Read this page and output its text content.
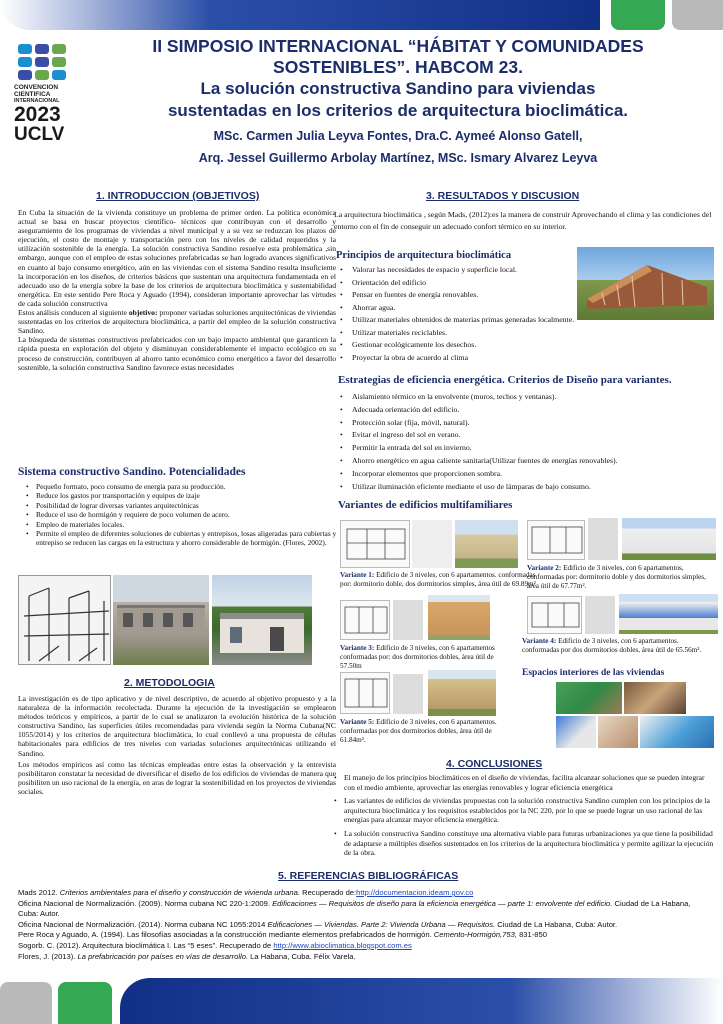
CONVENCION
CIENTIFICA
INTERNACIONAL
2023
UCLV
II SIMPOSIO INTERNACIONAL “HÁBITAT Y COMUNIDADES
SOSTENIBLES”. HABCOM 23.
La solución constructiva Sandino para viviendas
sustentadas en los criterios de arquitectura bioclimática.
MSc. Carmen Julia Leyva Fontes, Dra.C. Aymeé Alonso Gatell,
Arq. Jessel Guillermo Arbolay Martínez, MSc. Ismary Alvarez Leyva
1. INTRODUCCION (OBJETIVOS)

En Cuba la situación de la vivienda constituye un problema de primer orden. La política económica actual se basa en buscar proyectos científico- técnicos que contribuyan con el desarrollo y aseguramiento de los programas de viviendas a nivel municipal y a su vez se reduzcan los plazos de ejecución, el costo de montaje y transportación pero con los niveles de calidad requeridos y la utilización sostenible de la energía. La solución constructiva Sandino resuelve esta problemática ,sin embargo, aunque con el empleo de estas soluciones prefabricadas se han logrado avances significativos en cuanto al bajo consumo energético, aún en las viviendas con el sistema Sandino resulta insuficiente la incorporación en los diseños, de criterios básicos que sustentan una arquitectura fundamentada en el adecuado uso de la energía sobre la base de los criterios de arquitectura bioclimática y sustentabilidad energética. En este sentido Pere Roca y Aguado (1994), consideran importante aprovechar las virtudes de cada solución constructiva

Estos análisis conducen al siguiente objetivo: proponer variadas soluciones arquitectónicas de viviendas sustentadas en los criterios de arquitectura bioclimática, a partir del empleo de la solución constructiva Sandino.

La búsqueda de sistemas constructivos prefabricados con un bajo impacto ambiental que garanticen la rápida puesta en explotación del objeto y disminuyan considerablemente el impacto ecológico en su proceso de construcción, contribuyen al ahorro tanto económico como energético a favor del desarrollo sostenible, la solución constructiva Sandino favorece estas necesidades

Sistema constructivo Sandino. Potencialidades
• Pequeño formato, poco consumo de energía para su producción.
• Reduce los gastos por transportación y equipos de izaje
• Posibilidad de lograr diversas variantes arquitectónicas
• Reduce el uso de hormigón y requiere de poco volumen de acero.
• Empleo de materiales locales.
• Permite el empleo de diferentes soluciones de cubiertas y entrepisos, losas aligeradas para cubiertas y entrepiso se reducen las cargas en la estructura y ahorro considerable de hormigón. (Flores, 2002).
2. METODOLOGIA

La investigación es de tipo aplicativo y de nivel descriptivo, de acuerdo al objetivo propuesto y a la naturaleza de la información recolectada. Durante la ejecución de la investigación se emplearon métodos teóricos y empíricos, a partir de lo cual se analizaron la evolución histórica de la solución constructiva Sandino, las superficies útiles recomendadas para vivienda según la Norma Cubana(NC 1055/2014) y los criterios de arquitectura bioclimática, lo cual conllevó a una propuesta de células habitacionales para edificios de tres niveles con variadas soluciones arquitectónicas utilizando el Sandino.

Los métodos empíricos así como las técnicas empleadas entre estas la observación y la entrevista posibilitaron constatar la necesidad de diversificar el diseño de los edificios de viviendas de manera que posibiliten un uso racional de la energía, en aras de lograr la sostenibilidad en los proyectos de viviendas sociales.

3. RESULTADOS Y DISCUSION
La arquitectura bioclimática , según Mads, (2012):es la manera de construir Aprovechando el clima y las condiciones del entorno con el fin de conseguir un adecuado confort térmico en su interior.
Principios de arquitectura bioclimática
• Valorar las necesidades de espacio y superficie local.
• Orientación del edificio
• Pensar en fuentes de energía renovables.
• Ahorrar agua.
• Utilizar materiales obtenidos de materias primas generadas localmente.
• Utilizar materiales reciclables.
• Gestionar ecológicamente los desechos.
• Proyectar la obra de acuerdo al clima
Estrategias de eficiencia energética. Criterios de Diseño para variantes.
• Aislamiento térmico en la envolvente (muros, techos y ventanas).
• Adecuada orientación del edificio.
• Protección solar (fija, móvil, natural).
• Evitar el ingreso del sol en verano.
• Permitir la entrada del sol en invierno.
• Ahorro energético en agua caliente sanitaria(Utilizar fuentes de energías renovables).
• Incorporar elementos que proporcionen sombra.
• Utilizar iluminación eficiente mediante el uso de lámparas de bajo consumo.
Variantes de edificios multifamiliares
Variante 1: Edificio de 3 niveles, con 6 apartamentos. conformadas por: dormitorio doble, dos dormitorios simples, área útil de 69.89m²
Variante 2: Edificio de 3 niveles, con 6 apartamentos, conformadas por: dormitorio doble y dos dormitorios simples, área útil de 67.77m².
Variante 3: Edificio de 3 niveles, con 6 apartamentos conformadas por: dos dormitorios dobles, área útil de 57.50m
Variante 4: Edificio de 3 niveles, con 6 apartamentos. conformadas por dos dormitorios dobles, área útil de 65.56m².
Variante 5: Edificio de 3 niveles, con 6 apartamentos. conformadas por dos dormitorios dobles, área útil de 61.84m².
Espacios interiores de las viviendas
4. CONCLUSIONES
• El manejo de los principios bioclimáticos en el diseño de viviendas, facilita alcanzar soluciones que se pueden integrar con el medio ambiente, aprovechar las energías renovables y lograr eficiencia energética
• Las variantes de edificios de viviendas propuestas con la solución constructiva Sandino cumplen con los principios de la arquitectura bioclimática y los requisitos establecidos por la NC 220, por lo que se puede lograr un uso racional de las energías para alcanzar mayor eficiencia energética.
• La solución constructiva Sandino constituye una alternativa viable para futuras urbanizaciones ya que tiene la posibilidad de adaptarse a múltiples diseños sustentados en los criterios de la arquitectura bioclimática y permite agilizar la ejecución de la obra.
5. REFERENCIAS BIBLIOGRÁFICAS
Mads 2012. Criterios ambientales para el diseño y construcción de vivienda urbana. Recuperado de:http://documentacion.ideam.gov.co
Oficina Nacional de Normalización. (2009). Norma cubana NC 220-1:2009. Edificaciones — Requisitos de diseño para la eficiencia energética — parte 1: envolvente del edificio. Ciudad de La Habana, Cuba: Autor.
Oficina Nacional de Normalización. (2014). Norma cubana NC 1055:2014 Edificaciones — Viviendas. Parte 2: Vivienda Urbana — Requisitos. Ciudad de La Habana, Cuba: Autor.
Pere Roca y Aguado, A. (1994). Las filosofías asociadas a la construcción mediante elementos prefabricados de hormigón. Cemento-Hormigón,753, 831-850
Sogorb. C. (2012). Arquitectura bioclimática I. Las “5 eses”. Recuperado de http://www.abioclimatica.blogspot.com.es
Flores, J. (2013). La prefabricación por países en vías de desarrollo. La Habana, Cuba. Félix Varela.
